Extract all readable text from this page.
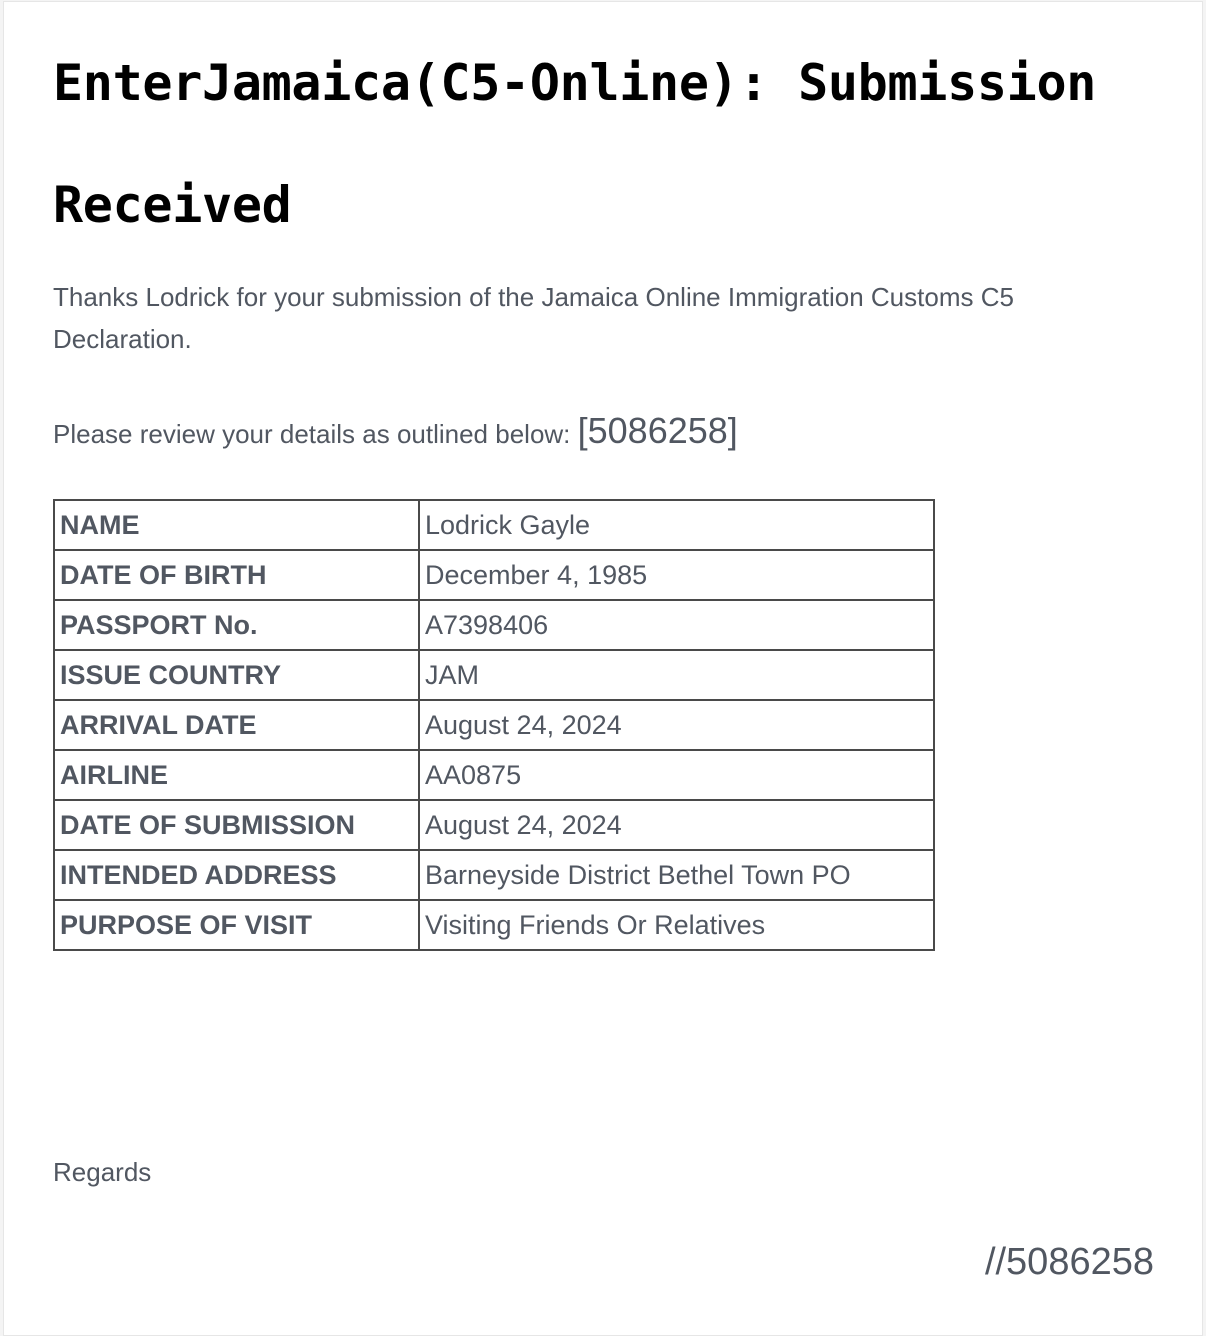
EnterJamaica(C5-Online): Submission Received

Thanks Lodrick for your submission of the Jamaica Online Immigration Customs C5 Declaration.

Please review your details as outlined below: [5086258]

NAME	Lodrick Gayle
DATE OF BIRTH	December 4, 1985
PASSPORT No.	A7398406
ISSUE COUNTRY	JAM
ARRIVAL DATE	August 24, 2024
AIRLINE	AA0875
DATE OF SUBMISSION	August 24, 2024
INTENDED ADDRESS	Barneyside District Bethel Town PO
PURPOSE OF VISIT	Visiting Friends Or Relatives

Regards

//5086258
